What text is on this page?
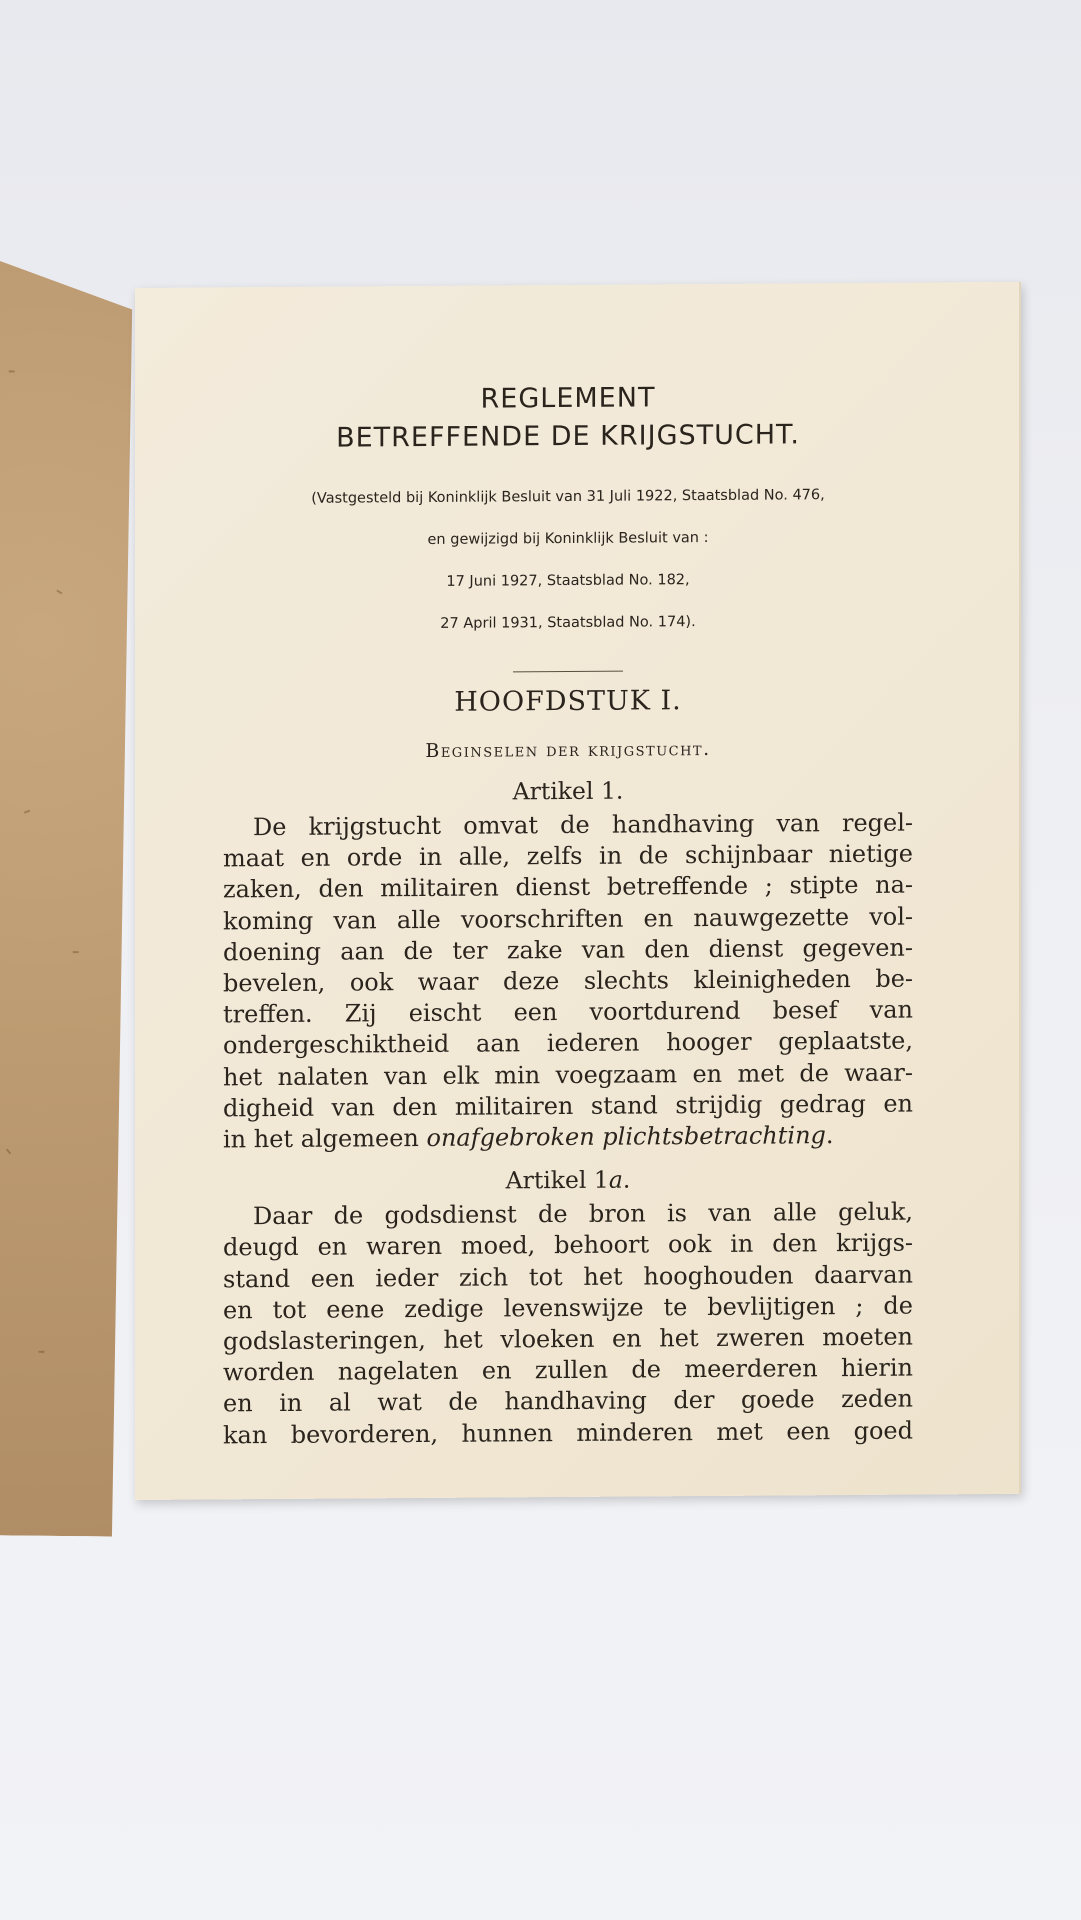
REGLEMENT
BETREFFENDE DE KRIJGSTUCHT.

(Vastgesteld bij Koninklijk Besluit van 31 Juli 1922, Staatsblad No. 476,

en gewijzigd bij Koninklijk Besluit van :

17 Juni 1927, Staatsblad No. 182,

27 April 1931, Staatsblad No. 174).

HOOFDSTUK I.
Beginselen der krijgstucht.
Artikel 1.
De krijgstucht omvat de handhaving van regel-
maat en orde in alle, zelfs in de schijnbaar nietige
zaken, den militairen dienst betreffende ; stipte na-
koming van alle voorschriften en nauwgezette vol-
doening aan de ter zake van den dienst gegeven-
bevelen, ook waar deze slechts kleinigheden be-
treffen. Zij eischt een voortdurend besef van
ondergeschiktheid aan iederen hooger geplaatste,
het nalaten van elk min voegzaam en met de waar-
digheid van den militairen stand strijdig gedrag en
in het algemeen onafgebroken plichtsbetrachting.
Artikel 1a.
Daar de godsdienst de bron is van alle geluk,
deugd en waren moed, behoort ook in den krijgs-
stand een ieder zich tot het hooghouden daarvan
en tot eene zedige levenswijze te bevlijtigen ; de
godslasteringen, het vloeken en het zweren moeten
worden nagelaten en zullen de meerderen hierin
en in al wat de handhaving der goede zeden
kan bevorderen, hunnen minderen met een goed
